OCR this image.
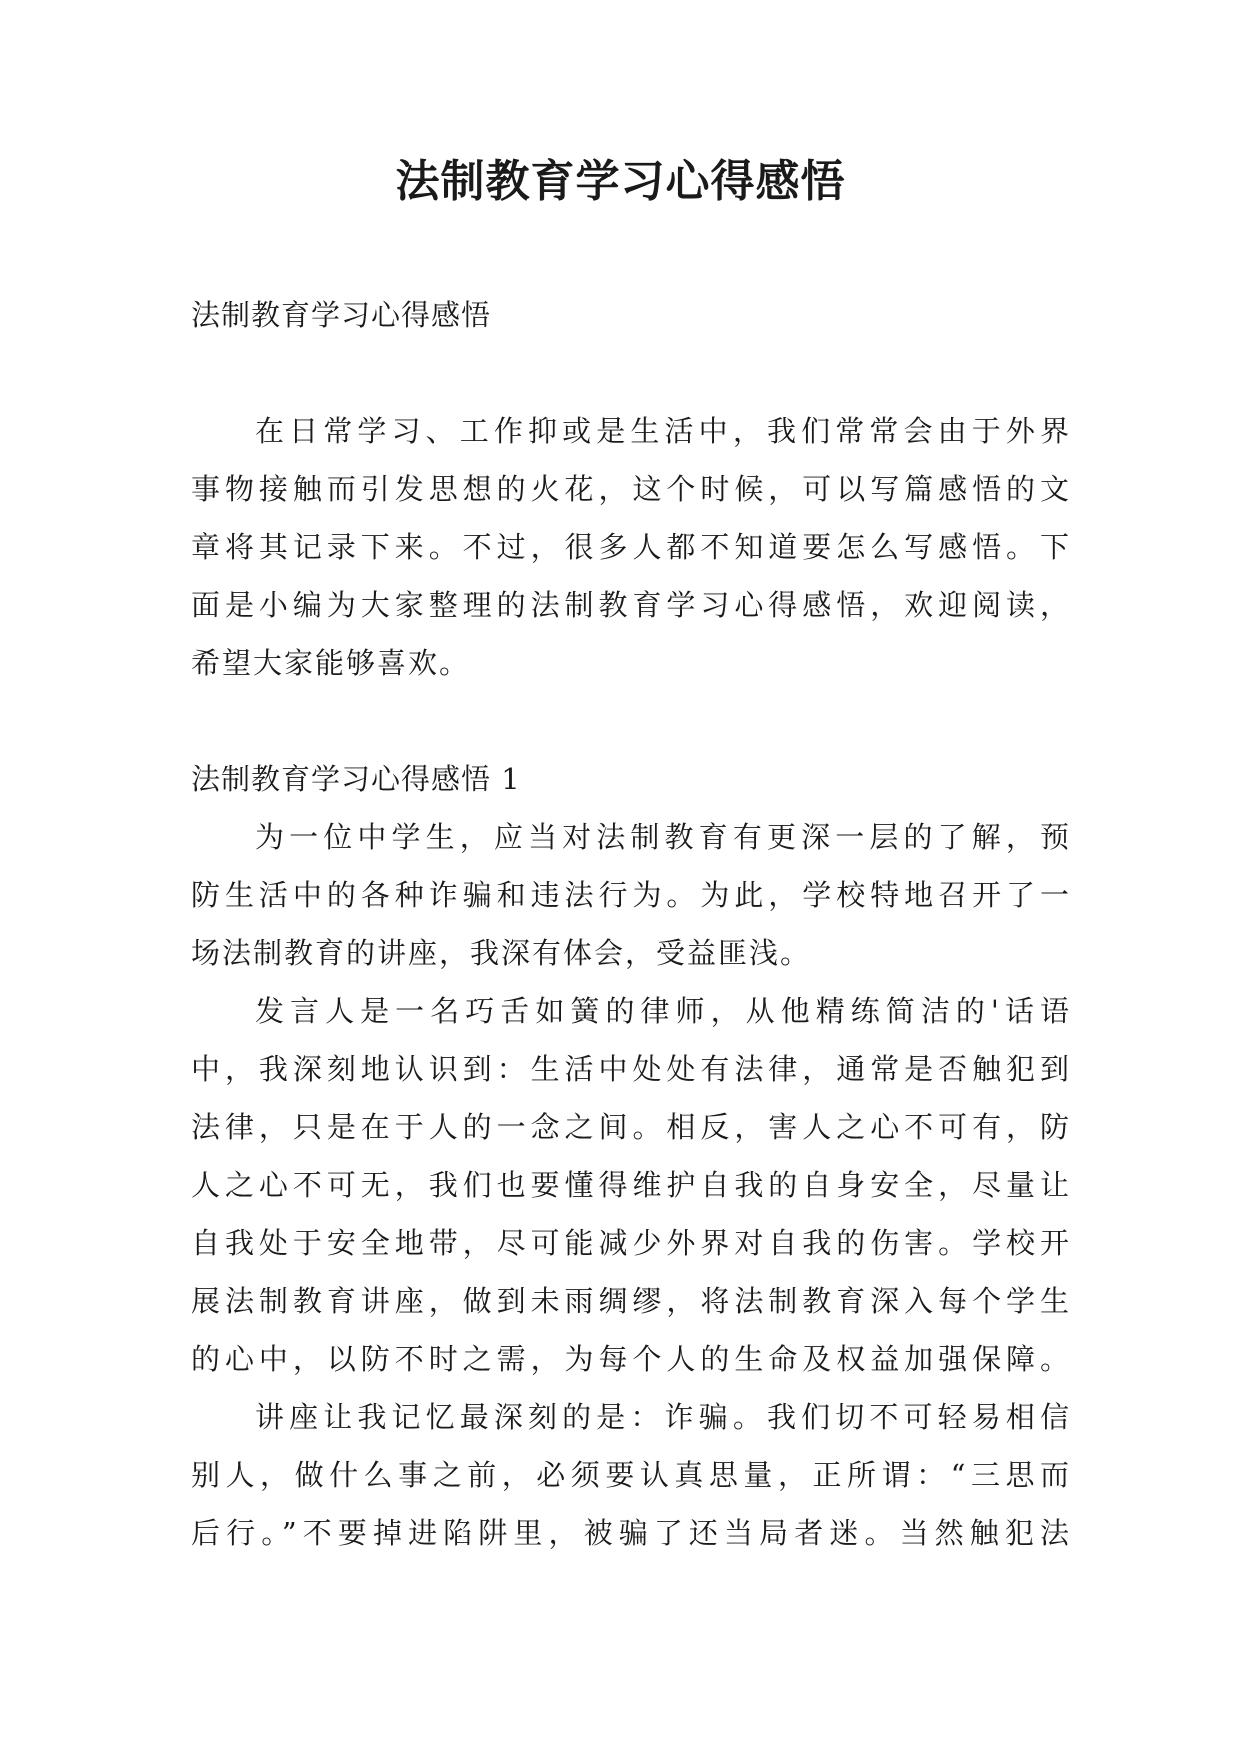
法制教育学习心得感悟
法制教育学习心得感悟
在日常学习、工作抑或是生活中，我们常常会由于外界
事物接触而引发思想的火花，这个时候，可以写篇感悟的文
章将其记录下来。不过，很多人都不知道要怎么写感悟。下
面是小编为大家整理的法制教育学习心得感悟，欢迎阅读，
希望大家能够喜欢。
法制教育学习心得感悟 1
为一位中学生，应当对法制教育有更深一层的了解，预
防生活中的各种诈骗和违法行为。为此，学校特地召开了一
场法制教育的讲座，我深有体会，受益匪浅。
发言人是一名巧舌如簧的律师，从他精练简洁的'话语
中，我深刻地认识到：生活中处处有法律，通常是否触犯到
法律，只是在于人的一念之间。相反，害人之心不可有，防
人之心不可无，我们也要懂得维护自我的自身安全，尽量让
自我处于安全地带，尽可能减少外界对自我的伤害。学校开
展法制教育讲座，做到未雨绸缪，将法制教育深入每个学生
的心中，以防不时之需，为每个人的生命及权益加强保障。
讲座让我记忆最深刻的是：诈骗。我们切不可轻易相信
别人，做什么事之前，必须要认真思量，正所谓：“三思而
后行。”不要掉进陷阱里，被骗了还当局者迷。当然触犯法
